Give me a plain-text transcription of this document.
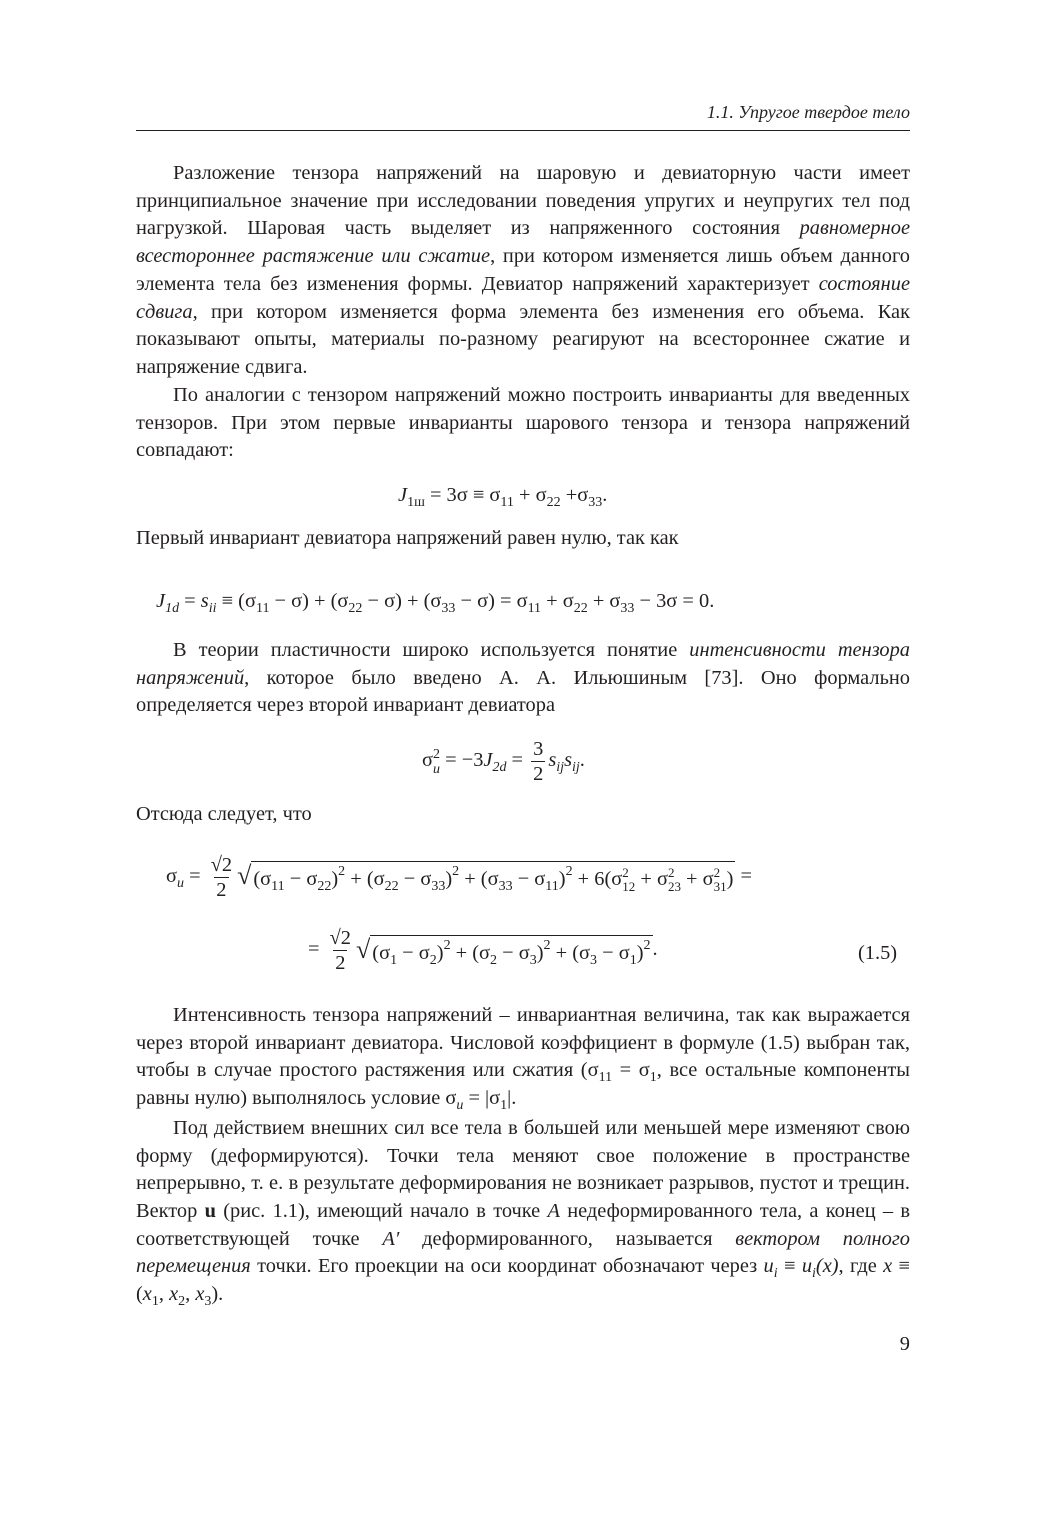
1.1. Упругое твердое тело
Разложение тензора напряжений на шаровую и девиаторную части имеет принципиальное значение при исследовании поведения упругих и неупругих тел под нагрузкой. Шаровая часть выделяет из напряженного состояния равномерное всестороннее растяжение или сжатие, при котором изменяется лишь объем данного элемента тела без изменения формы. Девиатор напряжений характеризует состояние сдвига, при котором изменяется форма элемента без изменения его объема. Как показывают опыты, материалы по-разному реагируют на всестороннее сжатие и напряжение сдвига.
По аналогии с тензором напряжений можно построить инварианты для введенных тензоров. При этом первые инварианты шарового тензора и тензора напряжений совпадают:
$J_{1ш} = 3\sigma \equiv \sigma_{11} + \sigma_{22} +\sigma_{33}$.
Первый инвариант девиатора напряжений равен нулю, так как
$J_{1d} = s_{ii} \equiv (\sigma_{11} - \sigma) + (\sigma_{22} - \sigma) + (\sigma_{33} - \sigma) = \sigma_{11} + \sigma_{22} + \sigma_{33} - 3\sigma = 0$.
В теории пластичности широко используется понятие интенсивности тензора напряжений, которое было введено А. А. Ильюшиным [73]. Оно формально определяется через второй инвариант девиатора
σ 2
$u = -3J_{2d} = \frac{3}{2} s_{ij}s_{ij}$.
Отсюда следует, что
$\sigma_u = \frac{√2}{2}$ √ $(\sigma_{11} - \sigma_{22})^2 + (\sigma_{22} - \sigma_{33})^2 + (\sigma_{33} - \sigma_{11})^2 + 6(\sigma$ 2
12 + σ 2
23 + σ 2
31 ) =
= $\frac{√2}{2}$ √ $(\sigma_1 - \sigma_2)^2 + (\sigma_2 - \sigma_3)^2 + (\sigma_3 - \sigma_1)^2$ .	(1.5)

Интенсивность тензора напряжений – инвариантная величина, так как выражается через второй инвариант девиатора. Числовой коэффициент в формуле (1.5) выбран так, чтобы в случае простого растяжения или сжатия ($\sigma_{11} = \sigma_1$, все остальные компоненты равны нулю) выполнялось условие $\sigma_u = |\sigma_1|$.

Под действием внешних сил все тела в большей или меньшей мере изменяют свою форму (деформируются). Точки тела меняют свое положение в пространстве непрерывно, т. е. в результате деформирования не возникает разрывов, пустот и трещин. Вектор u (рис. 1.1), имеющий начало в точке A недеформированного тела, а конец – в соответствующей точке A′ деформированного, называется вектором полного перемещения точки. Его проекции на оси координат обозначают через $u_i \equiv u_i(x)$, где $x \equiv (x_1$, $x_2$, $x_3$).

9
